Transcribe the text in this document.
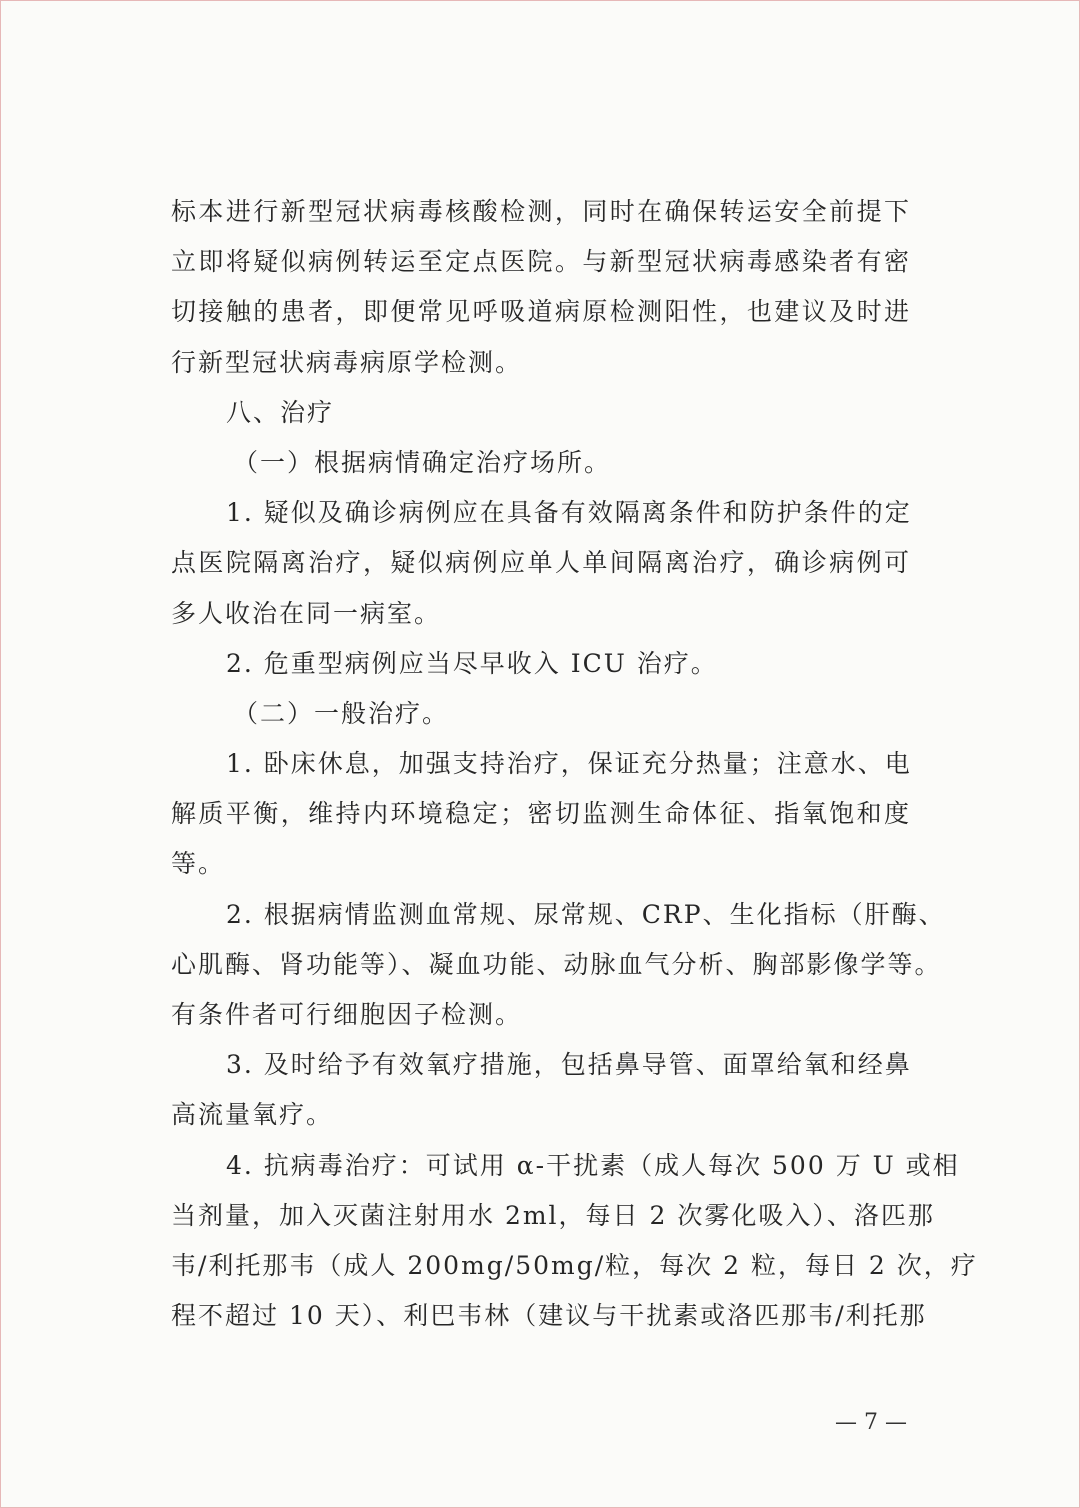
标本进行新型冠状病毒核酸检测，同时在确保转运安全前提下
立即将疑似病例转运至定点医院。与新型冠状病毒感染者有密
切接触的患者，即便常见呼吸道病原检测阳性，也建议及时进
行新型冠状病毒病原学检测。
八、治疗
（一）根据病情确定治疗场所。
1. 疑似及确诊病例应在具备有效隔离条件和防护条件的定
点医院隔离治疗，疑似病例应单人单间隔离治疗，确诊病例可
多人收治在同一病室。
2. 危重型病例应当尽早收入 ICU 治疗。
（二）一般治疗。
1. 卧床休息，加强支持治疗，保证充分热量；注意水、电
解质平衡，维持内环境稳定；密切监测生命体征、指氧饱和度
等。
2. 根据病情监测血常规、尿常规、CRP、生化指标（肝酶、
心肌酶、肾功能等）、凝血功能、动脉血气分析、胸部影像学等。
有条件者可行细胞因子检测。
3. 及时给予有效氧疗措施，包括鼻导管、面罩给氧和经鼻
高流量氧疗。
4. 抗病毒治疗：可试用 α-干扰素（成人每次 500 万 U 或相
当剂量，加入灭菌注射用水 2ml，每日 2 次雾化吸入）、洛匹那
韦/利托那韦（成人 200mg/50mg/粒，每次 2 粒，每日 2 次，疗
程不超过 10 天）、利巴韦林（建议与干扰素或洛匹那韦/利托那
— 7 —
